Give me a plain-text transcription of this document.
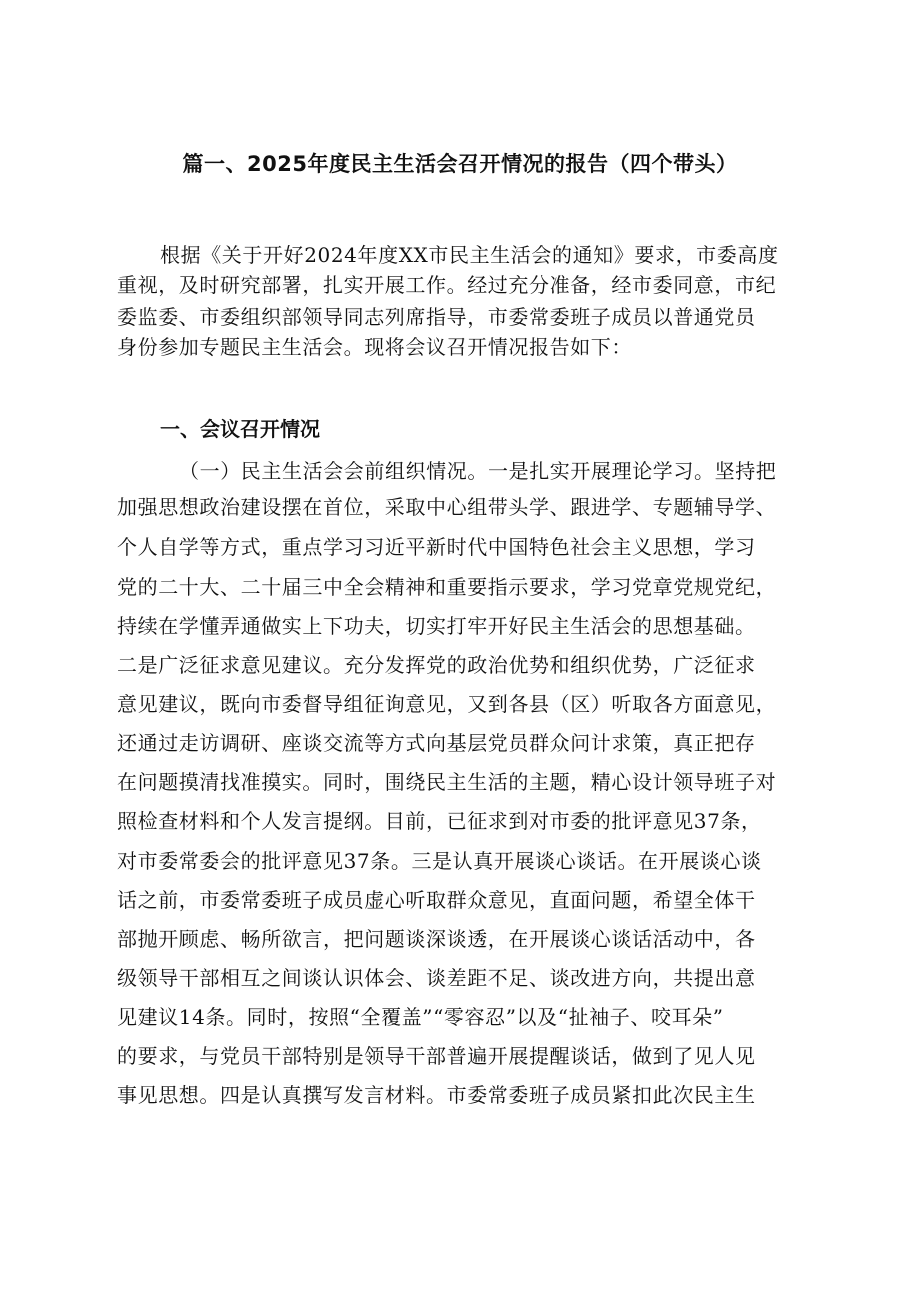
篇一、2025年度民主生活会召开情况的报告（四个带头）
根据《关于开好2024年度XX市民主生活会的通知》要求，市委高度
重视，及时研究部署，扎实开展工作。经过充分准备，经市委同意，市纪
委监委、市委组织部领导同志列席指导，市委常委班子成员以普通党员
身份参加专题民主生活会。现将会议召开情况报告如下：
一、会议召开情况
（一）民主生活会会前组织情况。一是扎实开展理论学习。坚持把
加强思想政治建设摆在首位，采取中心组带头学、跟进学、专题辅导学、
个人自学等方式，重点学习习近平新时代中国特色社会主义思想，学习
党的二十大、二十届三中全会精神和重要指示要求，学习党章党规党纪，
持续在学懂弄通做实上下功夫，切实打牢开好民主生活会的思想基础。
二是广泛征求意见建议。充分发挥党的政治优势和组织优势，广泛征求
意见建议，既向市委督导组征询意见，又到各县（区）听取各方面意见，
还通过走访调研、座谈交流等方式向基层党员群众问计求策，真正把存
在问题摸清找准摸实。同时，围绕民主生活的主题，精心设计领导班子对
照检查材料和个人发言提纲。目前，已征求到对市委的批评意见37条，
对市委常委会的批评意见37条。三是认真开展谈心谈话。在开展谈心谈
话之前，市委常委班子成员虚心听取群众意见，直面问题，希望全体干
部抛开顾虑、畅所欲言，把问题谈深谈透，在开展谈心谈话活动中，各
级领导干部相互之间谈认识体会、谈差距不足、谈改进方向，共提出意
见建议14条。同时，按照“全覆盖”“零容忍”以及“扯袖子、咬耳朵”
的要求，与党员干部特别是领导干部普遍开展提醒谈话，做到了见人见
事见思想。四是认真撰写发言材料。市委常委班子成员紧扣此次民主生
